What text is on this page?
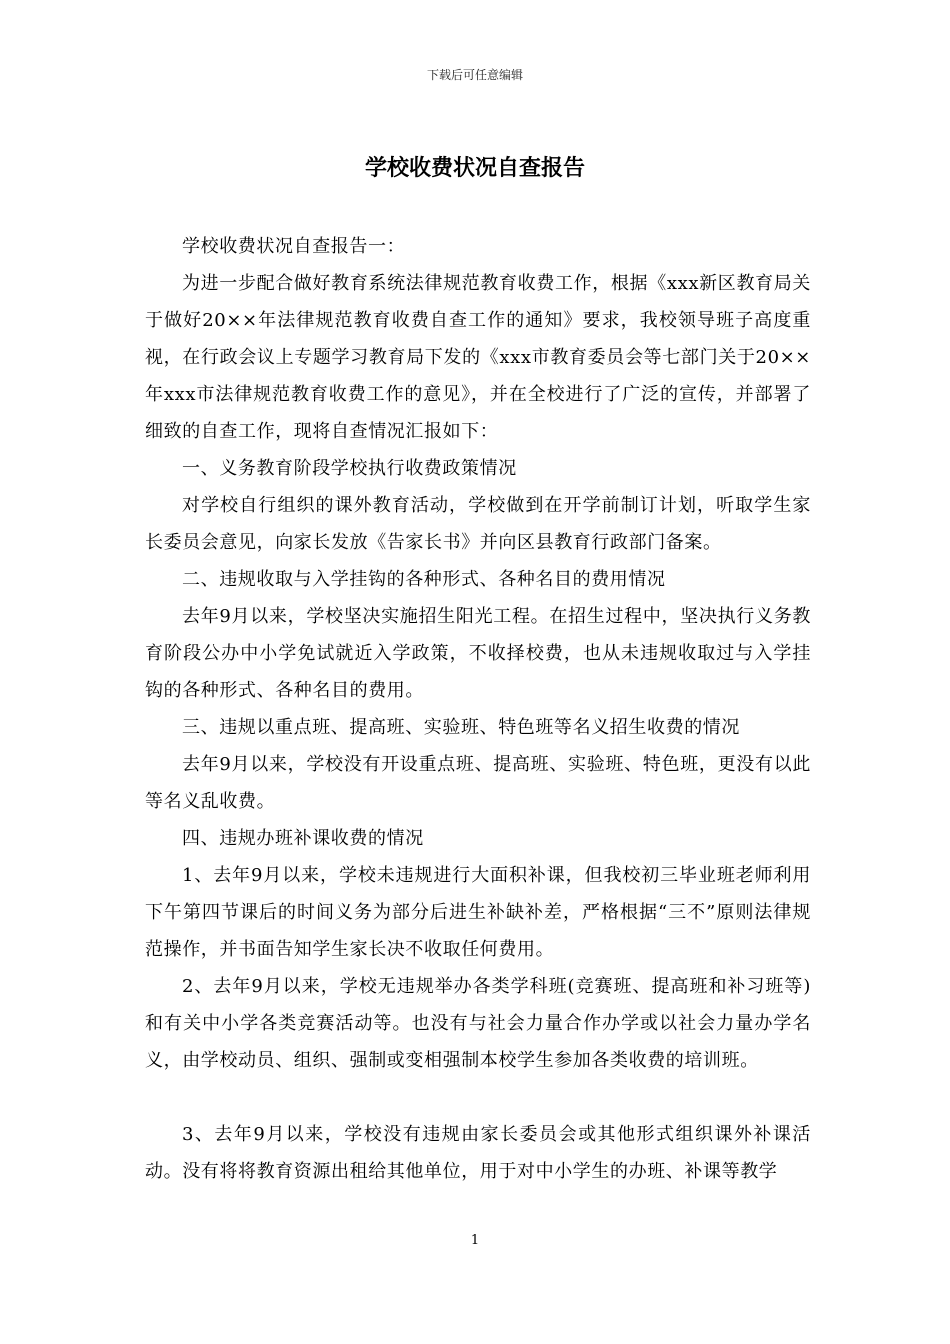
下载后可任意编辑
学校收费状况自查报告

学校收费状况自查报告一：

为进一步配合做好教育系统法律规范教育收费工作，根据《xxx新区教育局关于做好20××年法律规范教育收费自查工作的通知》要求，我校领导班子高度重视，在行政会议上专题学习教育局下发的《xxx市教育委员会等七部门关于20××年xxx市法律规范教育收费工作的意见》，并在全校进行了广泛的宣传，并部署了细致的自查工作，现将自查情况汇报如下：

一、义务教育阶段学校执行收费政策情况

对学校自行组织的课外教育活动，学校做到在开学前制订计划，听取学生家长委员会意见，向家长发放《告家长书》并向区县教育行政部门备案。

二、违规收取与入学挂钩的各种形式、各种名目的费用情况

去年9月以来，学校坚决实施招生阳光工程。在招生过程中，坚决执行义务教育阶段公办中小学免试就近入学政策，不收择校费，也从未违规收取过与入学挂钩的各种形式、各种名目的费用。

三、违规以重点班、提高班、实验班、特色班等名义招生收费的情况

去年9月以来，学校没有开设重点班、提高班、实验班、特色班，更没有以此等名义乱收费。

四、违规办班补课收费的情况

1、去年9月以来，学校未违规进行大面积补课，但我校初三毕业班老师利用下午第四节课后的时间义务为部分后进生补缺补差，严格根据“三不”原则法律规范操作，并书面告知学生家长决不收取任何费用。

2、去年9月以来，学校无违规举办各类学科班(竞赛班、提高班和补习班等)和有关中小学各类竞赛活动等。也没有与社会力量合作办学或以社会力量办学名义，由学校动员、组织、强制或变相强制本校学生参加各类收费的培训班。

3、去年9月以来，学校没有违规由家长委员会或其他形式组织课外补课活动。没有将将教育资源出租给其他单位，用于对中小学生的办班、补课等教学

1
